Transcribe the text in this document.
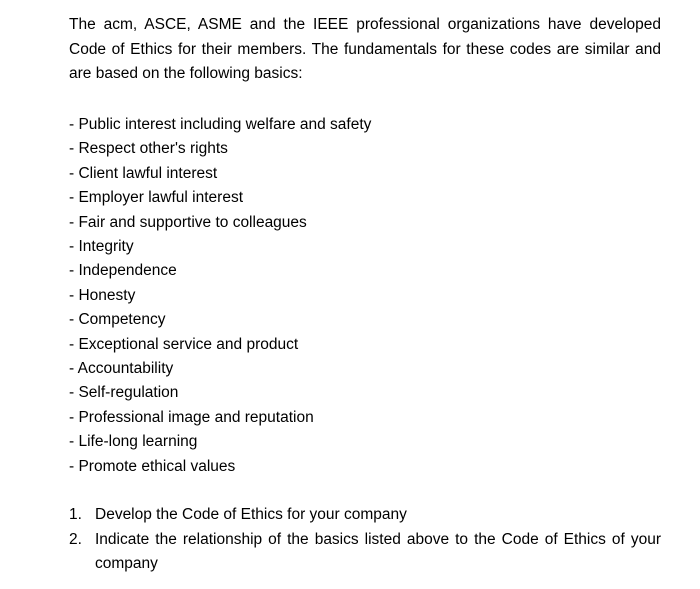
The acm, ASCE, ASME and the IEEE professional organizations have developed Code of Ethics for their members. The fundamentals for these codes are similar and are based on the following basics:

- Public interest including welfare and safety
- Respect other's rights
- Client lawful interest
- Employer lawful interest
- Fair and supportive to colleagues
- Integrity
- Independence
- Honesty
- Competency
- Exceptional service and product
- Accountability
- Self-regulation
- Professional image and reputation
- Life-long learning
- Promote ethical values
1. Develop the Code of Ethics for your company
2. Indicate the relationship of the basics listed above to the Code of Ethics of your company
